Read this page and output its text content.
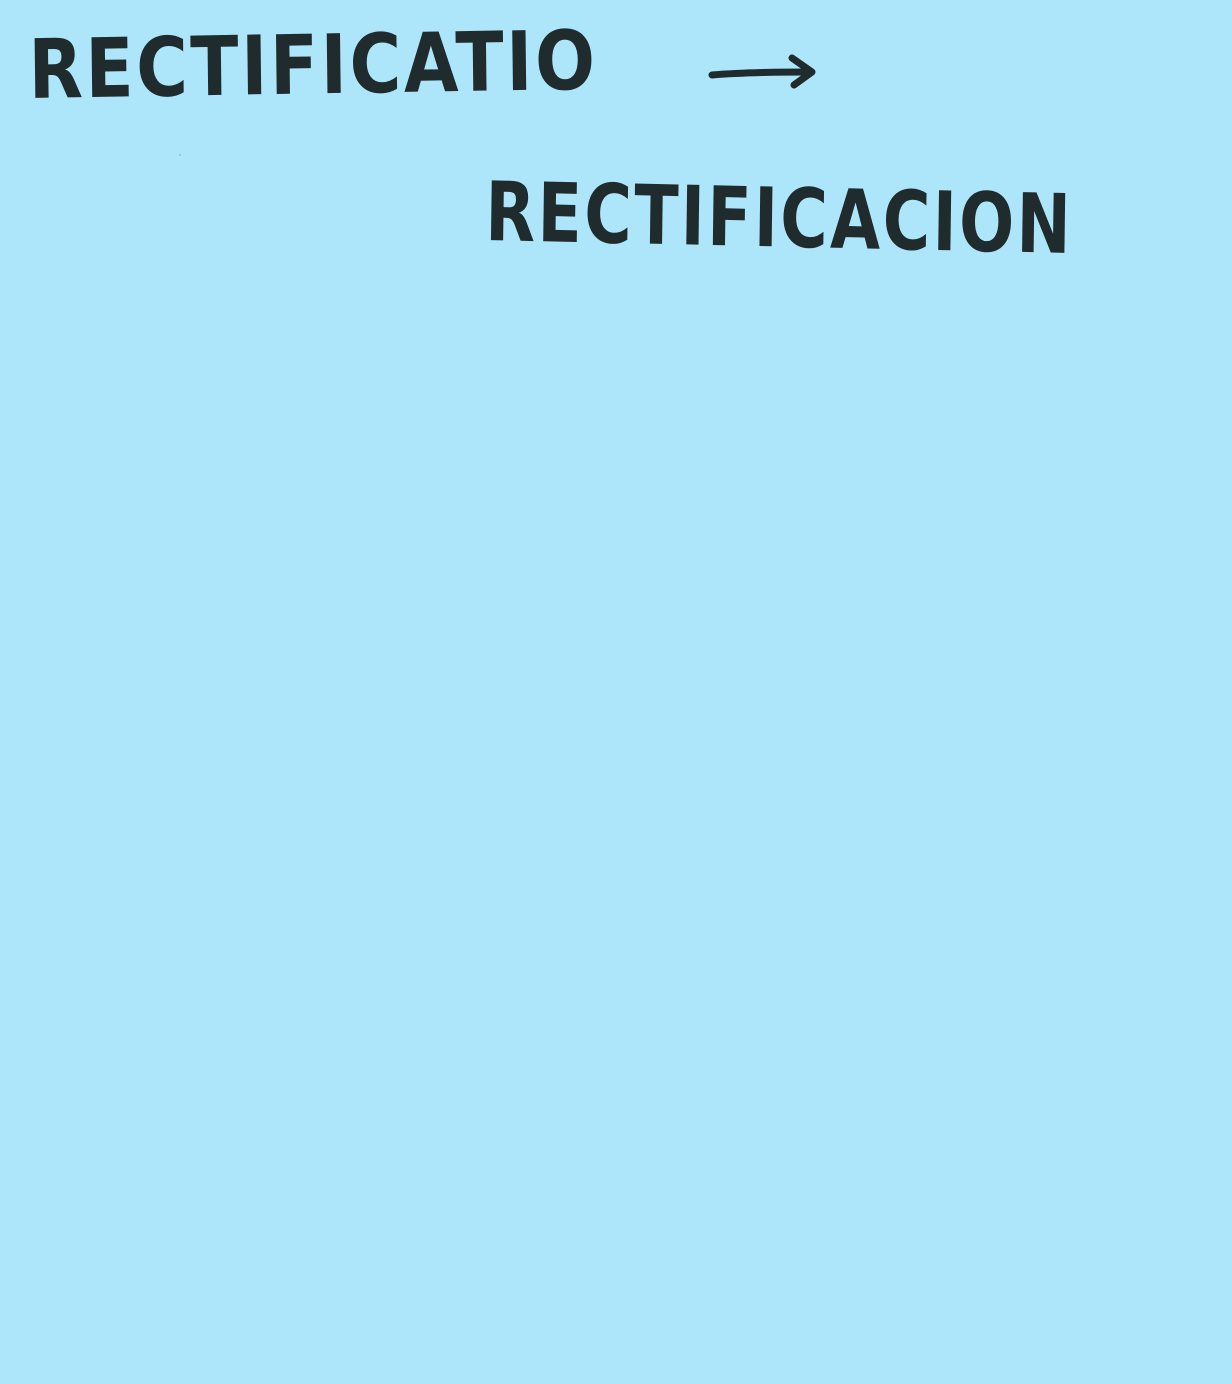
RECTIFICATIO

RECTIFICACION
